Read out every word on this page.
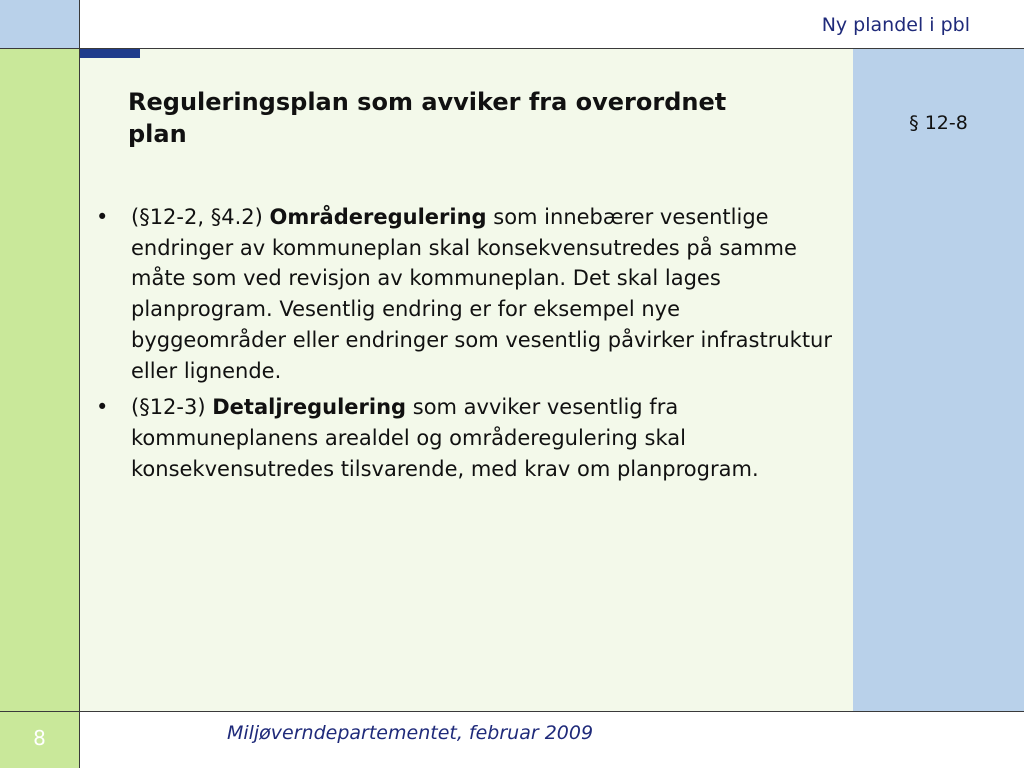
Ny plandel i pbl
Reguleringsplan som avviker fra overordnet plan	§ 12-8
• (§12-2, §4.2) Områderegulering som innebærer vesentlige endringer av kommuneplan skal konsekvensutredes på samme måte som ved revisjon av kommuneplan. Det skal lages planprogram. Vesentlig endring er for eksempel nye byggeområder eller endringer som vesentlig påvirker infrastruktur eller lignende.
• (§12-3) Detaljregulering som avviker vesentlig fra kommuneplanens arealdel og områderegulering skal konsekvensutredes tilsvarende, med krav om planprogram.
8	Miljøverndepartementet, februar 2009
